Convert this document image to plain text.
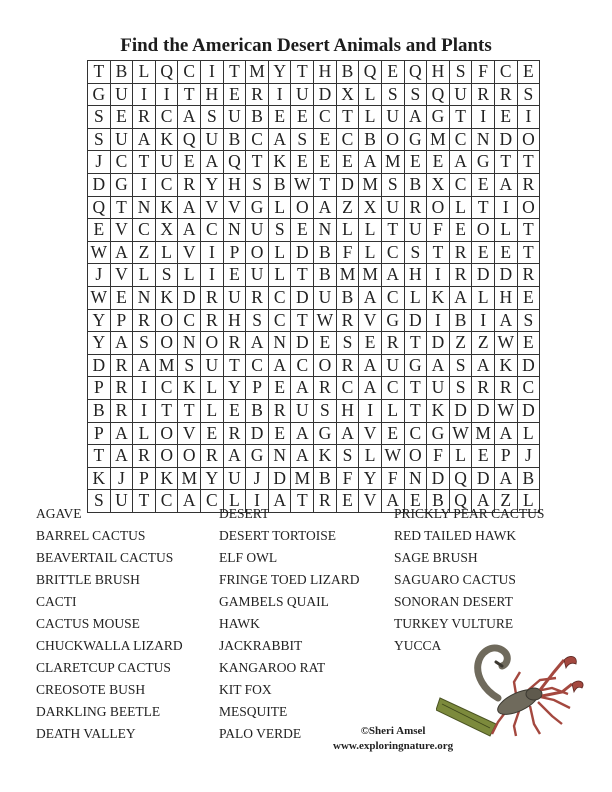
Find the American Desert Animals and Plants
T	B	L	Q	C	I	T	M	Y	T	H	B	Q	E	Q	H	S	F	C	E
G	U	I	I	T	H	E	R	I	U	D	X	L	S	S	Q	U	R	R	S
S	E	R	C	A	S	U	B	E	E	C	T	L	U	A	G	T	I	E	I
S	U	A	K	Q	U	B	C	A	S	E	C	B	O	G	M	C	N	D	O
J	C	T	U	E	A	Q	T	K	E	E	E	A	M	E	E	A	G	T	T
D	G	I	C	R	Y	H	S	B	W	T	D	M	S	B	X	C	E	A	R
Q	T	N	K	A	V	V	G	L	O	A	Z	X	U	R	O	L	T	I	O
E	V	C	X	A	C	N	U	S	E	N	L	L	T	U	F	E	O	L	T
W	A	Z	L	V	I	P	O	L	D	B	F	L	C	S	T	R	E	E	T
J	V	L	S	L	I	E	U	L	T	B	M	M	A	H	I	R	D	D	R
W	E	N	K	D	R	U	R	C	D	U	B	A	C	L	K	A	L	H	E
Y	P	R	O	C	R	H	S	C	T	W	R	V	G	D	I	B	I	A	S
Y	A	S	O	N	O	R	A	N	D	E	S	E	R	T	D	Z	Z	W	E
D	R	A	M	S	U	T	C	A	C	O	R	A	U	G	A	S	A	K	D
P	R	I	C	K	L	Y	P	E	A	R	C	A	C	T	U	S	R	R	C
B	R	I	T	T	L	E	B	R	U	S	H	I	L	T	K	D	D	W	D
P	A	L	O	V	E	R	D	E	A	G	A	V	E	C	G	W	M	A	L
T	A	R	O	O	R	A	G	N	A	K	S	L	W	O	F	L	E	P	J
K	J	P	K	M	Y	U	J	D	M	B	F	Y	F	N	D	Q	D	A	B
S	U	T	C	A	C	L	I	A	T	R	E	V	A	E	B	Q	A	Z	L
AGAVE
BARREL CACTUS
BEAVERTAIL CACTUS
BRITTLE BRUSH
CACTI
CACTUS MOUSE
CHUCKWALLA LIZARD
CLARETCUP CACTUS
CREOSOTE BUSH
DARKLING BEETLE
DEATH VALLEY
DESERT
DESERT TORTOISE
ELF OWL
FRINGE TOED LIZARD
GAMBELS QUAIL
HAWK
JACKRABBIT
KANGAROO RAT
KIT FOX
MESQUITE
PALO VERDE
PRICKLY PEAR CACTUS
RED TAILED HAWK
SAGE BRUSH
SAGUARO CACTUS
SONORAN DESERT
TURKEY VULTURE
YUCCA
©Sheri Amsel
www.exploringnature.org
